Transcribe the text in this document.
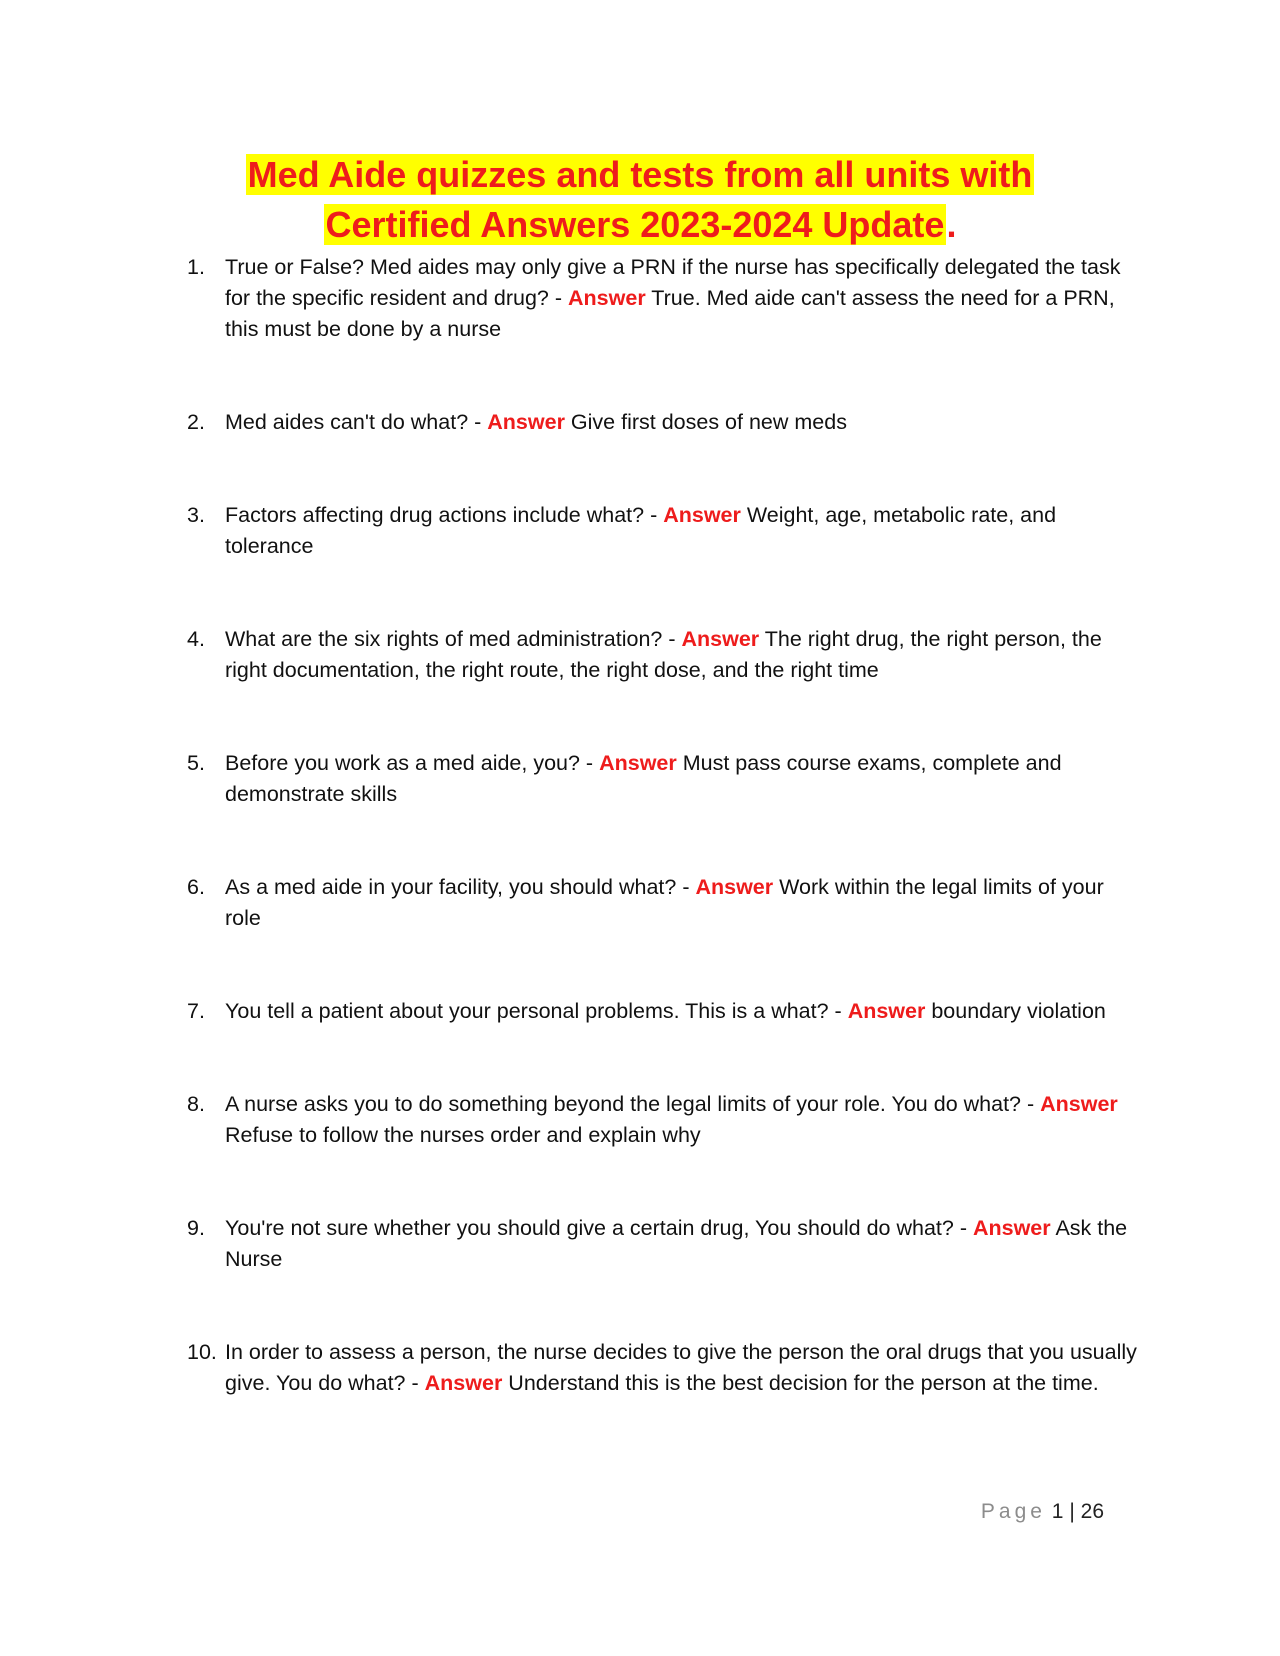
Med Aide quizzes and tests from all units with
Certified Answers 2023-2024 Update.
1. True or False? Med aides may only give a PRN if the nurse has specifically delegated the task for the specific resident and drug? - Answer True. Med aide can't assess the need for a PRN, this must be done by a nurse
2. Med aides can't do what? - Answer Give first doses of new meds
3. Factors affecting drug actions include what? - Answer Weight, age, metabolic rate, and tolerance
4. What are the six rights of med administration? - Answer The right drug, the right person, the right documentation, the right route, the right dose, and the right time
5. Before you work as a med aide, you? - Answer Must pass course exams, complete and demonstrate skills
6. As a med aide in your facility, you should what? - Answer Work within the legal limits of your role
7. You tell a patient about your personal problems. This is a what? - Answer boundary violation
8. A nurse asks you to do something beyond the legal limits of your role. You do what? - Answer Refuse to follow the nurses order and explain why
9. You're not sure whether you should give a certain drug, You should do what? - Answer Ask the Nurse
10. In order to assess a person, the nurse decides to give the person the oral drugs that you usually give. You do what? - Answer Understand this is the best decision for the person at the time.
Page 1 | 26
